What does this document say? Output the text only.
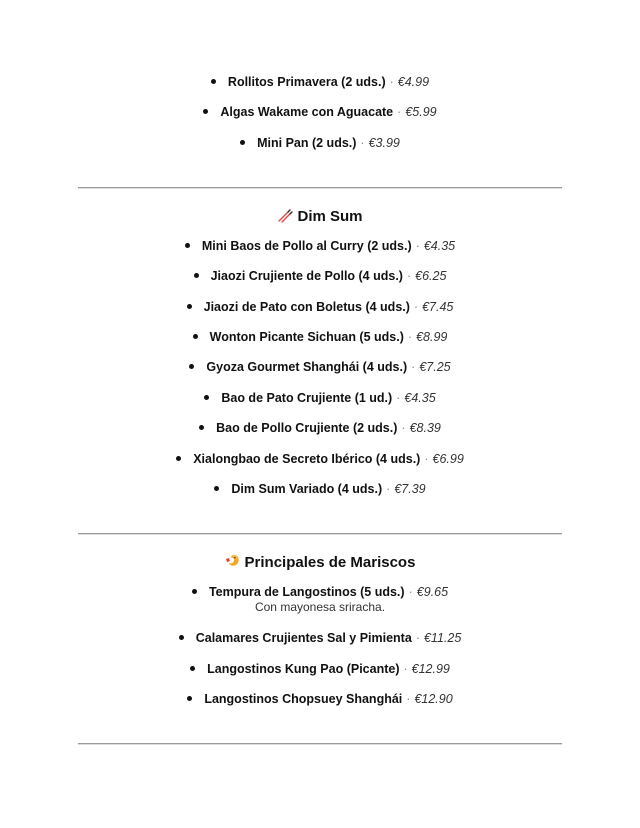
Rollitos Primavera (2 uds.) · €4.99
Algas Wakame con Aguacate · €5.99
Mini Pan (2 uds.) · €3.99
Dim Sum
Mini Baos de Pollo al Curry (2 uds.) · €4.35
Jiaozi Crujiente de Pollo (4 uds.) · €6.25
Jiaozi de Pato con Boletus (4 uds.) · €7.45
Wonton Picante Sichuan (5 uds.) · €8.99
Gyoza Gourmet Shanghái (4 uds.) · €7.25
Bao de Pato Crujiente (1 ud.) · €4.35
Bao de Pollo Crujiente (2 uds.) · €8.39
Xialongbao de Secreto Ibérico (4 uds.) · €6.99
Dim Sum Variado (4 uds.) · €7.39
Principales de Mariscos
Tempura de Langostinos (5 uds.) · €9.65
Con mayonesa sriracha.
Calamares Crujientes Sal y Pimienta · €11.25
Langostinos Kung Pao (Picante) · €12.99
Langostinos Chopsuey Shanghái · €12.90
